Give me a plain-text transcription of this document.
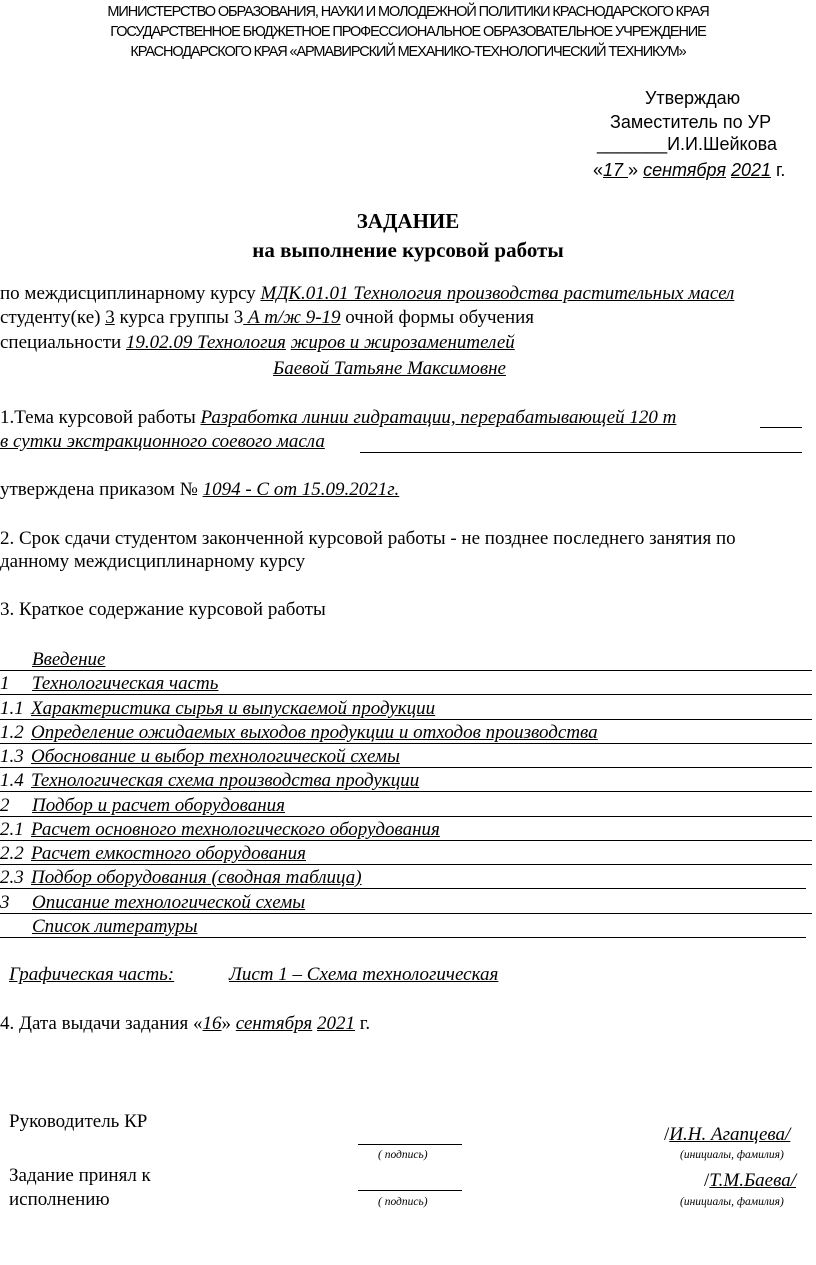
МИНИСТЕРСТВО ОБРАЗОВАНИЯ, НАУКИ И МОЛОДЕЖНОЙ ПОЛИТИКИ КРАСНОДАРСКОГО КРАЯ
ГОСУДАРСТВЕННОЕ БЮДЖЕТНОЕ ПРОФЕССИОНАЛЬНОЕ ОБРАЗОВАТЕЛЬНОЕ УЧРЕЖДЕНИЕ
КРАСНОДАРСКОГО КРАЯ «АРМАВИРСКИЙ МЕХАНИКО-ТЕХНОЛОГИЧЕСКИЙ ТЕХНИКУМ»
Утверждаю
Заместитель по УР
_______И.И.Шейкова
«17 » сентября 2021 г.
ЗАДАНИЕ
на выполнение курсовой работы
по междисциплинарному курсу МДК.01.01 Технология производства растительных масел
студенту(ке) 3 курса группы 3 А т/ж 9-19 очной формы обучения
специальности 19.02.09 Технология жиров и жирозаменителей
Баевой Татьяне Максимовне
1.Тема курсовой работы Разработка линии гидратации, перерабатывающей 120 т
в сутки экстракционного соевого масла
утверждена приказом № 1094 - С от 15.09.2021г.
2. Срок сдачи студентом законченной курсовой работы - не позднее последнего занятия по
данному междисциплинарному курсу
3. Краткое содержание курсовой работы
Введение
1 Технологическая часть
1.1 Характеристика сырья и выпускаемой продукции
1.2 Определение ожидаемых выходов продукции и отходов производства
1.3 Обоснование и выбор технологической схемы
1.4 Технологическая схема производства продукции
2 Подбор и расчет оборудования
2.1 Расчет основного технологического оборудования
2.2 Расчет емкостного оборудования
2.3 Подбор оборудования (сводная таблица)
3 Описание технологической схемы
Список литературы
Графическая часть:	Лист 1 – Схема технологическая
4. Дата выдачи задания «16» сентября 2021 г.
Руководитель КР
( подпись)
/И.Н. Агапцева/
(инициалы, фамилия)
Задание принял к
исполнению	( подпись)
/Т.М.Баева/
(инициалы, фамилия)
